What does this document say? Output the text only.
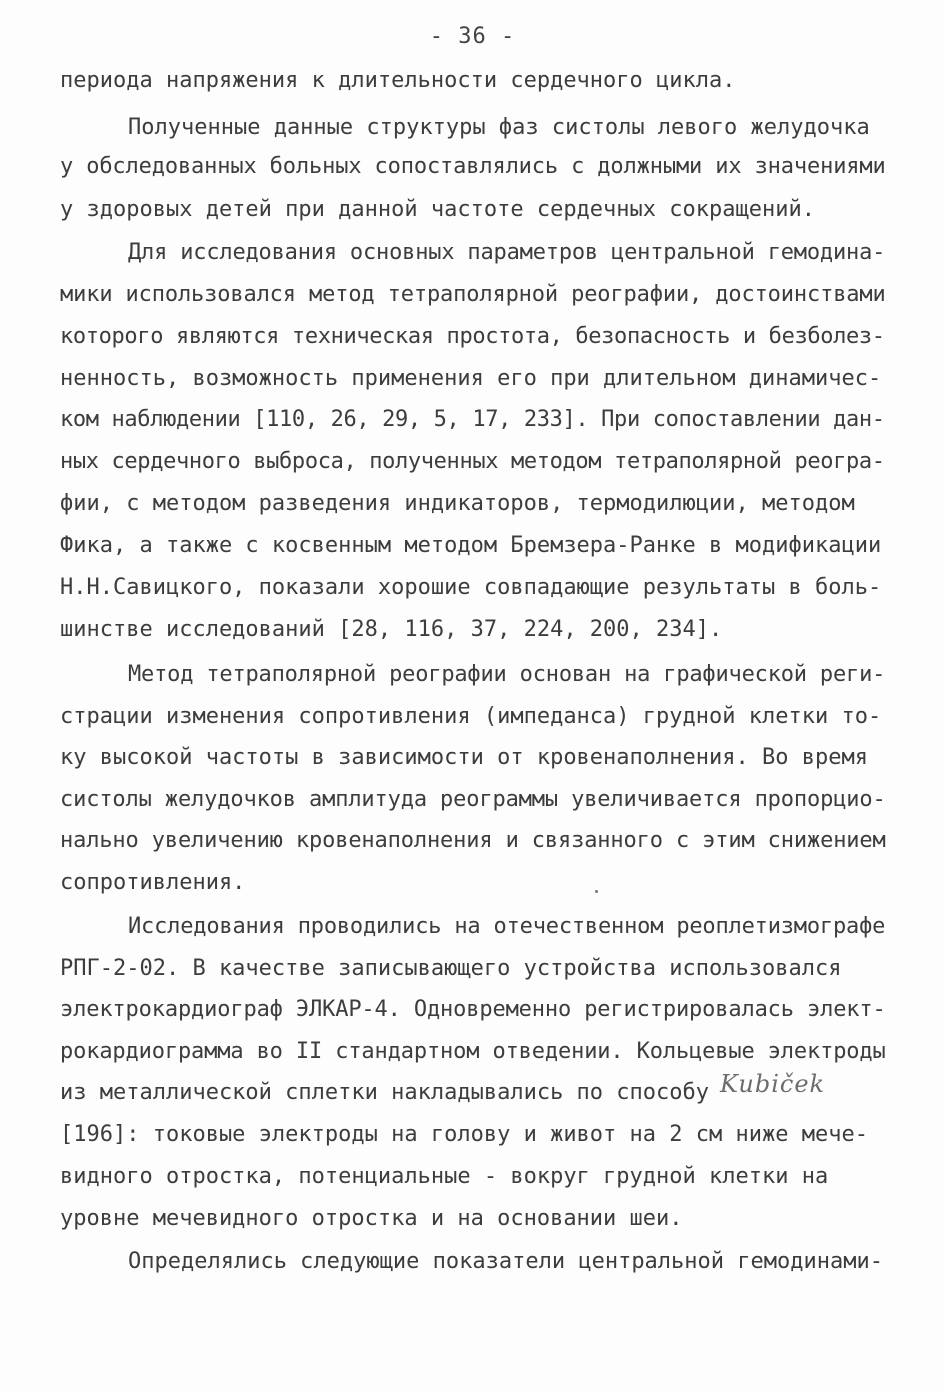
- 36 -
периода напряжения к длительности сердечного цикла.
Полученные данные структуры фаз систолы левого желудочка
у обследованных больных сопоставлялись с должными их значениями
у здоровых детей при данной частоте сердечных сокращений.
Для исследования основных параметров центральной гемодина-
мики использовался метод тетраполярной реографии, достоинствами
которого являются техническая простота, безопасность и безболез-
ненность, возможность применения его при длительном динамичес-
ком наблюдении [110, 26, 29, 5, 17, 233]. При сопоставлении дан-
ных сердечного выброса, полученных методом тетраполярной реогра-
фии, с методом разведения индикаторов, термодилюции, методом
Фика, а также с косвенным методом Бремзера-Ранке в модификации
Н.Н.Савицкого, показали хорошие совпадающие результаты в боль-
шинстве исследований [28, 116, 37, 224, 200, 234].
Метод тетраполярной реографии основан на графической реги-
страции изменения сопротивления (импеданса) грудной клетки то-
ку высокой частоты в зависимости от кровенаполнения. Во время
систолы желудочков амплитуда реограммы увеличивается пропорцио-
нально увеличению кровенаполнения и связанного с этим снижением
сопротивления.
Исследования проводились на отечественном реоплетизмографе
РПГ-2-02. В качестве записывающего устройства использовался
электрокардиограф ЭЛКАР-4. Одновременно регистрировалась элект-
рокардиограмма во II стандартном отведении. Кольцевые электроды
из металлической сплетки накладывались по способу Kubiček
[196]: токовые электроды на голову и живот на 2 см ниже мече-
видного отростка, потенциальные - вокруг грудной клетки на
уровне мечевидного отростка и на основании шеи.
Определялись следующие показатели центральной гемодинами-
